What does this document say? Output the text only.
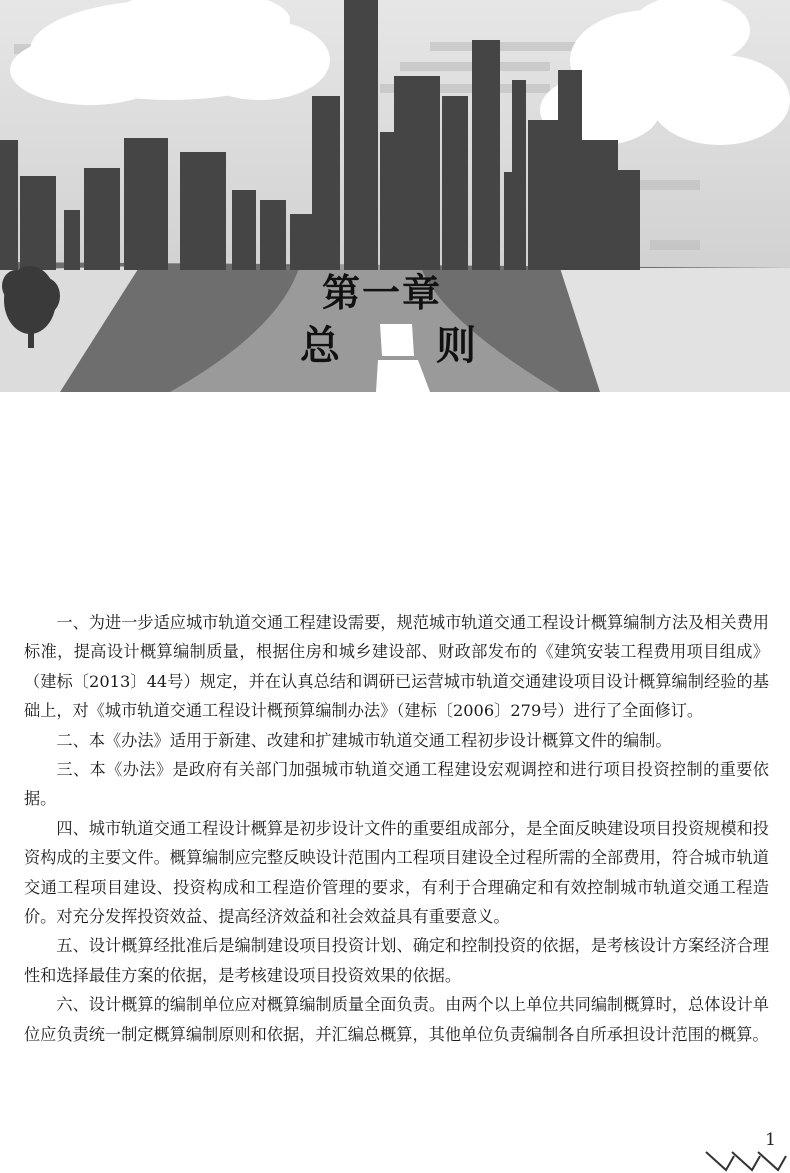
第一章
总 则

一、为进一步适应城市轨道交通工程建设需要，规范城市轨道交通工程设计概算编制方法及相关费用标准，提高设计概算编制质量，根据住房和城乡建设部、财政部发布的《建筑安装工程费用项目组成》（建标〔2013〕44号）规定，并在认真总结和调研已运营城市轨道交通建设项目设计概算编制经验的基础上，对《城市轨道交通工程设计概预算编制办法》（建标〔2006〕279号）进行了全面修订。

二、本《办法》适用于新建、改建和扩建城市轨道交通工程初步设计概算文件的编制。

三、本《办法》是政府有关部门加强城市轨道交通工程建设宏观调控和进行项目投资控制的重要依据。

四、城市轨道交通工程设计概算是初步设计文件的重要组成部分，是全面反映建设项目投资规模和投资构成的主要文件。概算编制应完整反映设计范围内工程项目建设全过程所需的全部费用，符合城市轨道交通工程项目建设、投资构成和工程造价管理的要求，有利于合理确定和有效控制城市轨道交通工程造价。对充分发挥投资效益、提高经济效益和社会效益具有重要意义。

五、设计概算经批准后是编制建设项目投资计划、确定和控制投资的依据，是考核设计方案经济合理性和选择最佳方案的依据，是考核建设项目投资效果的依据。

六、设计概算的编制单位应对概算编制质量全面负责。由两个以上单位共同编制概算时，总体设计单位应负责统一制定概算编制原则和依据，并汇编总概算，其他单位负责编制各自所承担设计范围的概算。

1
